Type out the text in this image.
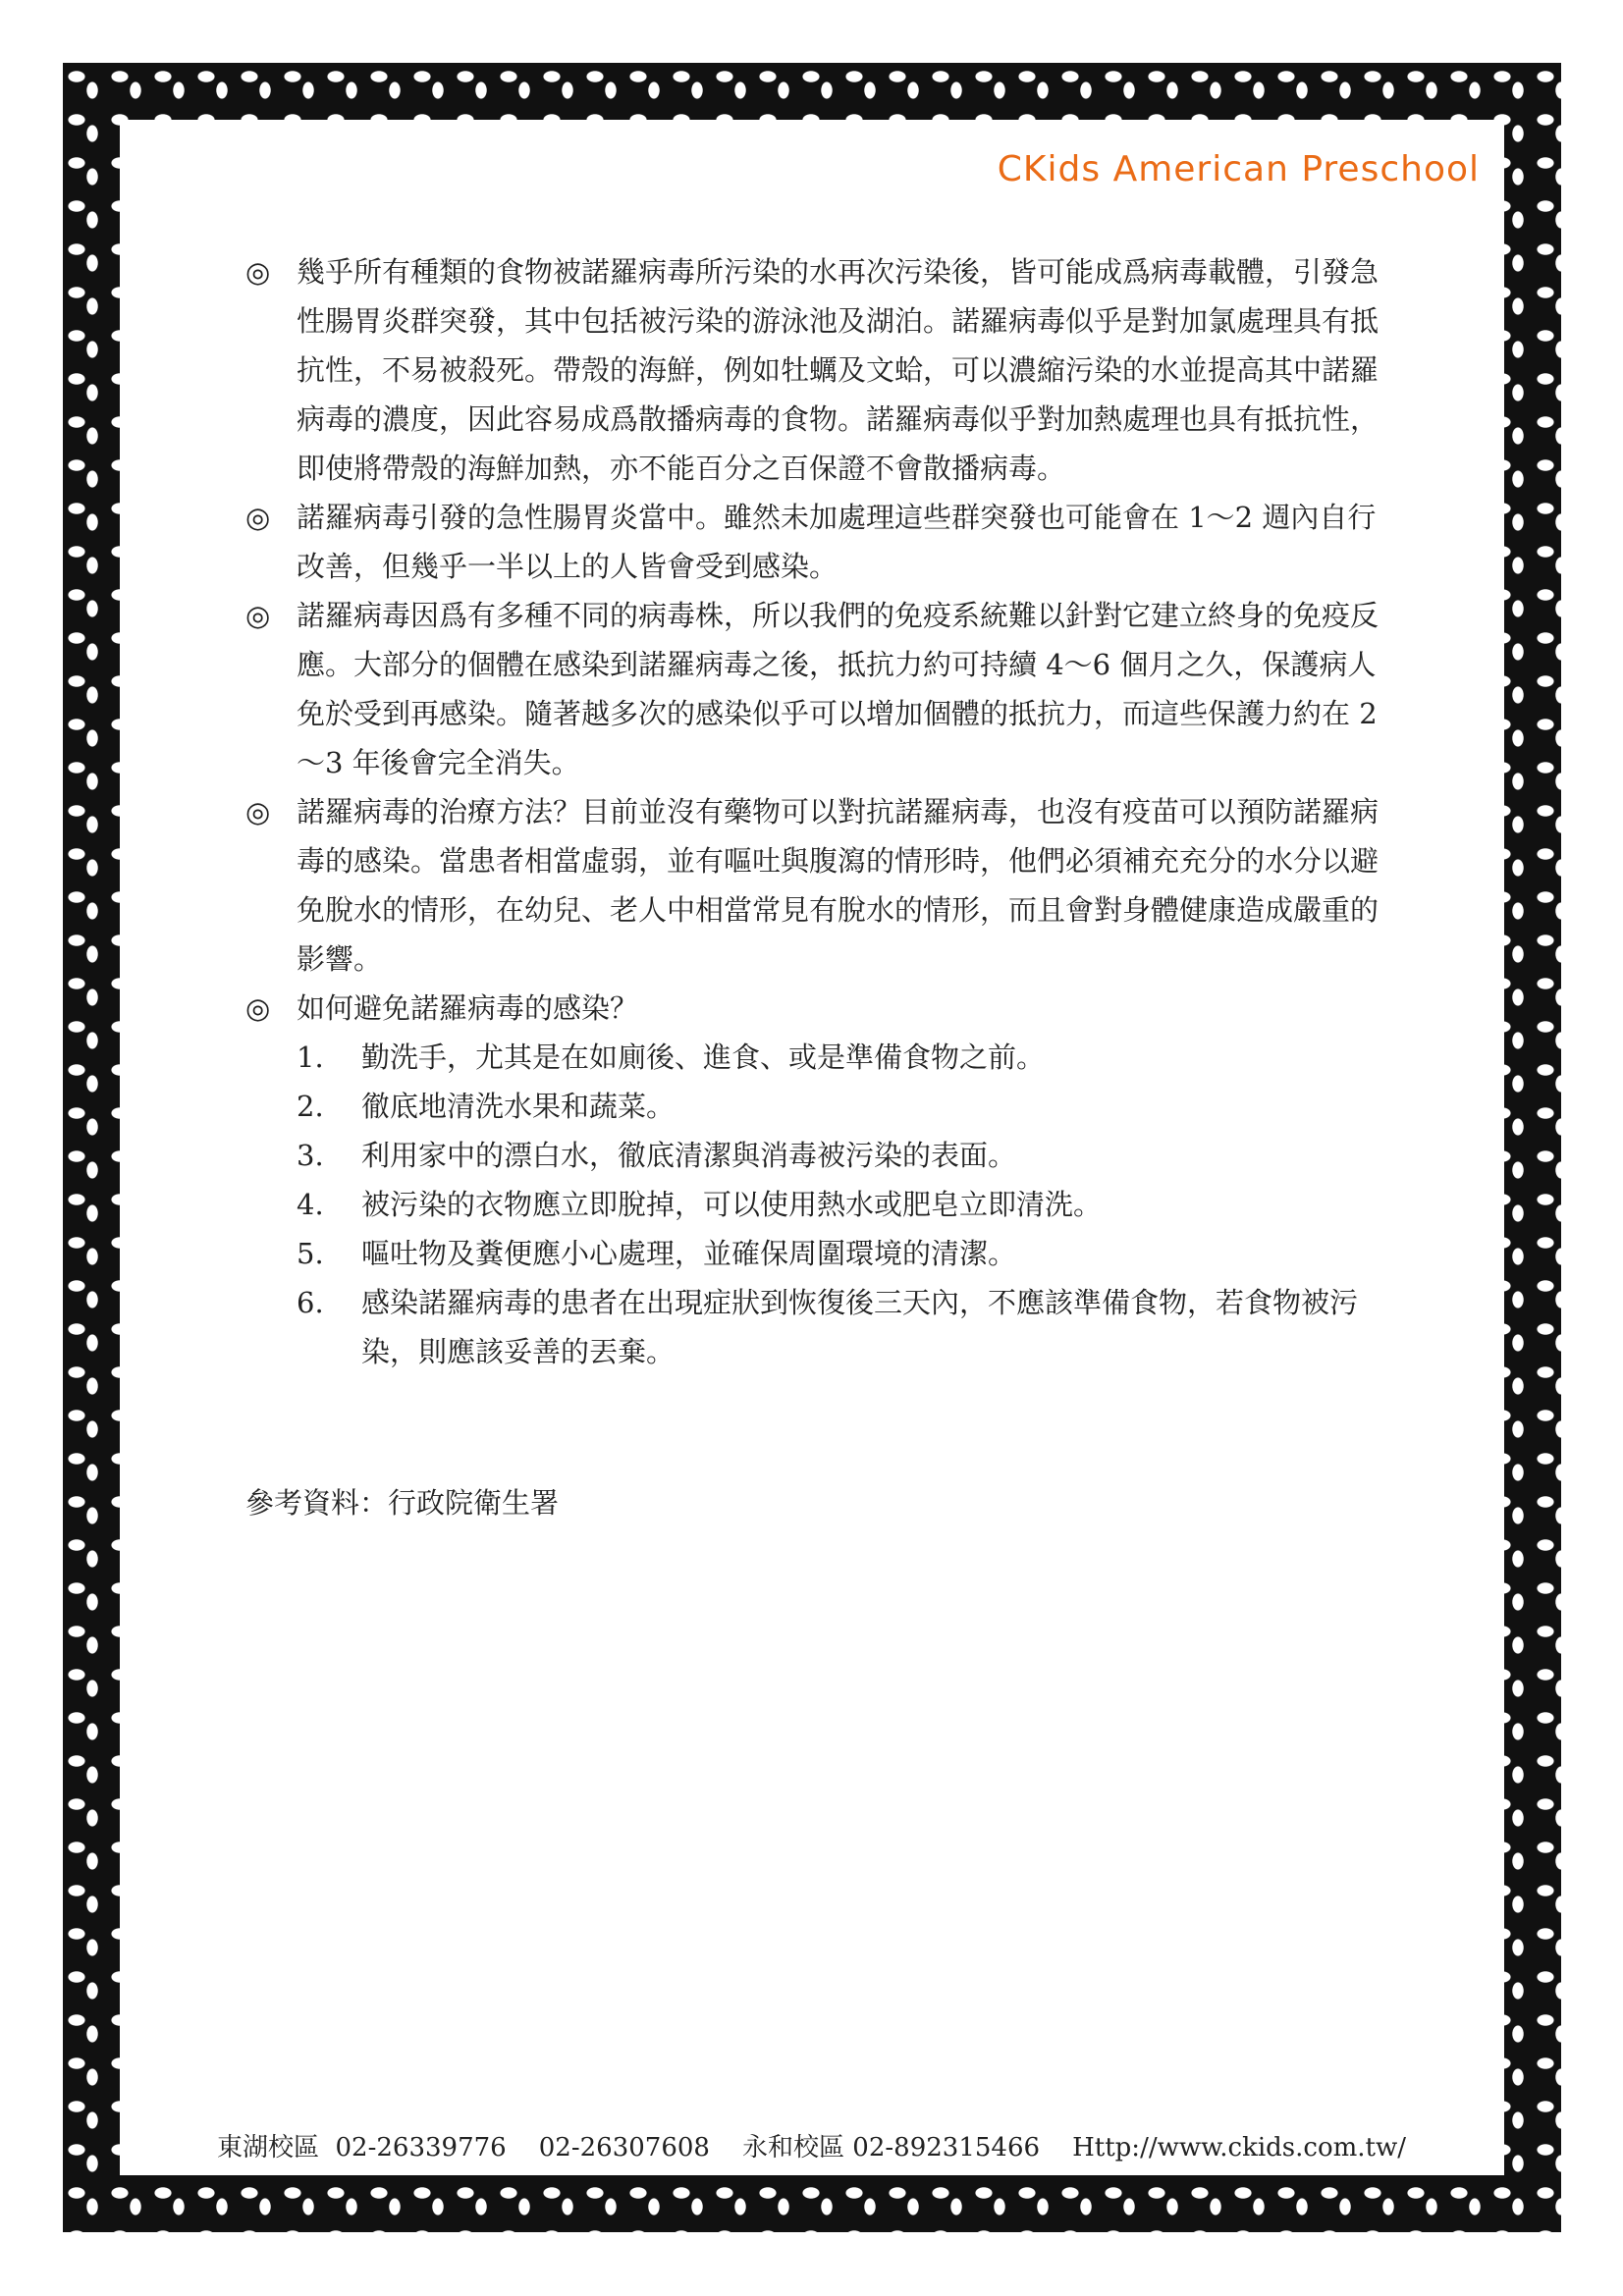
CKids American Preschool

◎ 幾乎所有種類的食物被諾羅病毒所污染的水再次污染後，皆可能成爲病毒載體，引發急性腸胃炎群突發，其中包括被污染的游泳池及湖泊。諾羅病毒似乎是對加氯處理具有抵抗性，不易被殺死。帶殼的海鮮，例如牡蠣及文蛤，可以濃縮污染的水並提高其中諾羅病毒的濃度，因此容易成爲散播病毒的食物。諾羅病毒似乎對加熱處理也具有抵抗性，即使將帶殼的海鮮加熱，亦不能百分之百保證不會散播病毒。

◎ 諾羅病毒引發的急性腸胃炎當中。雖然未加處理這些群突發也可能會在 1～2 週內自行改善，但幾乎一半以上的人皆會受到感染。

◎ 諾羅病毒因爲有多種不同的病毒株，所以我們的免疫系統難以針對它建立終身的免疫反應。大部分的個體在感染到諾羅病毒之後，抵抗力約可持續 4～6 個月之久，保護病人免於受到再感染。隨著越多次的感染似乎可以增加個體的抵抗力，而這些保護力約在 2～3 年後會完全消失。

◎ 諾羅病毒的治療方法？目前並沒有藥物可以對抗諾羅病毒，也沒有疫苗可以預防諾羅病毒的感染。當患者相當虛弱，並有嘔吐與腹瀉的情形時，他們必須補充充分的水分以避免脫水的情形，在幼兒、老人中相當常見有脫水的情形，而且會對身體健康造成嚴重的影響。

◎ 如何避免諾羅病毒的感染？

1. 勤洗手，尤其是在如廁後、進食、或是準備食物之前。
2. 徹底地清洗水果和蔬菜。
3. 利用家中的漂白水，徹底清潔與消毒被污染的表面。
4. 被污染的衣物應立即脫掉，可以使用熱水或肥皂立即清洗。
5. 嘔吐物及糞便應小心處理，並確保周圍環境的清潔。
6. 感染諾羅病毒的患者在出現症狀到恢復後三天內，不應該準備食物，若食物被污染，則應該妥善的丟棄。
參考資料：行政院衛生署
東湖校區  02-26339776    02-26307608    永和校區 02-892315466    Http://www.ckids.com.tw/
